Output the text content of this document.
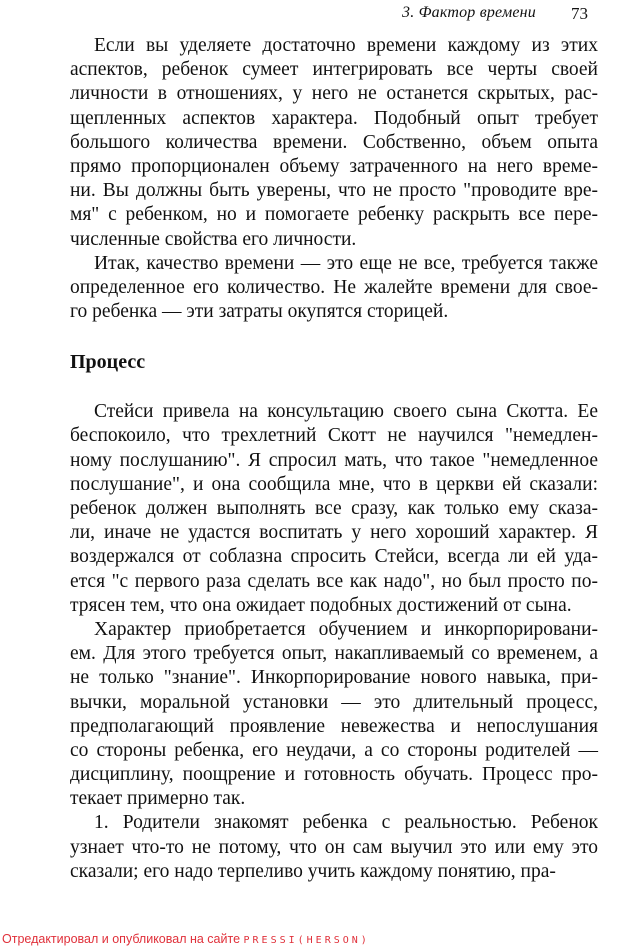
3. Фактор времени 73
Если вы уделяете достаточно времени каждому из этих
аспектов, ребенок сумеет интегрировать все черты своей
личности в отношениях, у него не останется скрытых, рас-
щепленных аспектов характера. Подобный опыт требует
большого количества времени. Собственно, объем опыта
прямо пропорционален объему затраченного на него време-
ни. Вы должны быть уверены, что не просто "проводите вре-
мя" с ребенком, но и помогаете ребенку раскрыть все пере-
численные свойства его личности.
Итак, качество времени — это еще не все, требуется также
определенное его количество. Не жалейте времени для свое-
го ребенка — эти затраты окупятся сторицей.
Процесс
Стейси привела на консультацию своего сына Скотта. Ее
беспокоило, что трехлетний Скотт не научился "немедлен-
ному послушанию". Я спросил мать, что такое "немедленное
послушание", и она сообщила мне, что в церкви ей сказали:
ребенок должен выполнять все сразу, как только ему сказа-
ли, иначе не удастся воспитать у него хороший характер. Я
воздержался от соблазна спросить Стейси, всегда ли ей уда-
ется "с первого раза сделать все как надо", но был просто по-
трясен тем, что она ожидает подобных достижений от сына.
Характер приобретается обучением и инкорпорировани-
ем. Для этого требуется опыт, накапливаемый со временем, а
не только "знание". Инкорпорирование нового навыка, при-
вычки, моральной установки — это длительный процесс,
предполагающий проявление невежества и непослушания
со стороны ребенка, его неудачи, а со стороны родителей —
дисциплину, поощрение и готовность обучать. Процесс про-
текает примерно так.
1. Родители знакомят ребенка с реальностью. Ребенок
узнает что-то не потому, что он сам выучил это или ему это
сказали; его надо терпеливо учить каждому понятию, пра-
Отредактировал и опубликовал на сайте PRESSI(HERSON)
